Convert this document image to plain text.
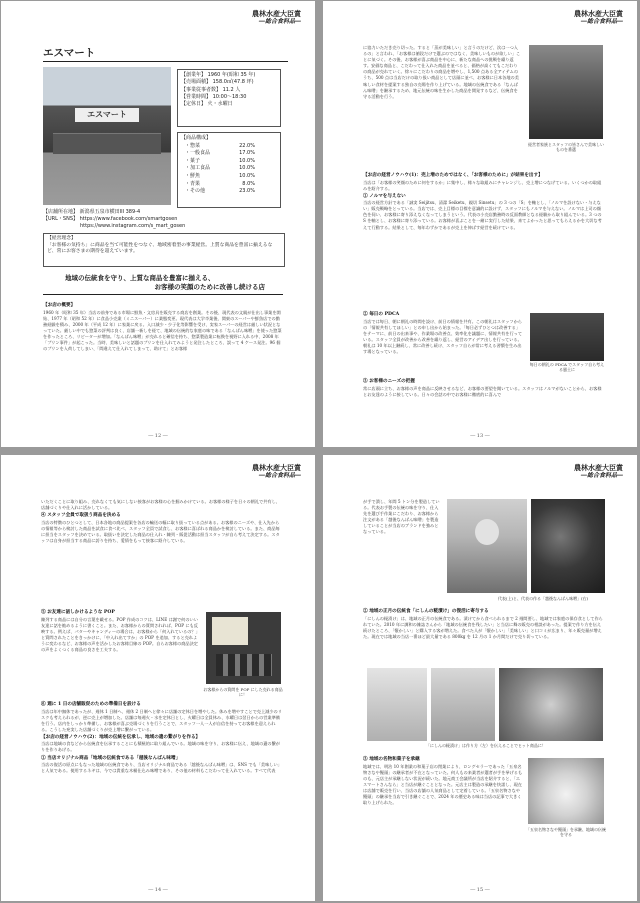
農林水産大臣賞
―総合食料品―
エスマート
エスマート
【創業年】 1960 年(昭和 35 年)
【売場面積】 158.0㎡(47.8 坪)
【事業従事者数】 11.2 人
【営業時間】 10:00～18:30
【定休日】 火・水曜日
【商品構成】
・惣菜	22.0%
・一般食品	17.0%
・菓子	10.0%
・加工食品	10.0%
・鮮魚	10.0%
・青果	8.0%
・その他	23.0%
【店舗所在地】 新潟県五泉市横田III 389-4
【URL・SNS】 https://www.facebook.com/smartgosen
https://www.instagram.com/s_mart_gosen
【経営理念】
「お客様の気持ち」に商品を当て可能性をつなぐ、地域密着型の事業経営。上質な商品を豊富に揃えるなど、常にお客さまの期待を超えています。
地域の伝統食を守り、上質な商品を豊富に揃える、
お客様の笑顔のために改善し続ける店

【お店の概要】

1960 年（昭和 35 年）当店の前身である市場に鮮魚・文房具を販売する商店を創業。その後、現代表の文親が仕出し事業を開始、1977 年（昭和 52 年）に食品小売業（ミニスーパー）に業態変更。現代表は大学卒業後、関東のスーパーや鮮魚店での勤務経験を積み、2000 年（平成 12 年）に家業に戻る。入口減少・少子化等影響を受け、実家スーパーの経営は厳しい状況となっていた。厳しい中でも惣菜の評判は良く、店舗一新しを経て、地域の伝統的な家庭の味である「なんばん味噌」を使った惣菜を作ったところ、リピーターが増加。「なんばん味噌」が売れると確信を持ち、惣菜製造業に転換を視野に入れる中、2008 年「プリン事件」が起こった。当時、美味しいと話題のプリンを仕入れてみようと発注したところ、誤って 4 ケース発注。96 個のプリンを入荷してしまい、「間違えて仕入れてしまって、助けて」とお客様

― 12 ―
農林水産大臣賞
―総合食料品―

に協力いただき売り切った。すると「蒸が美味しい」と言うのだけど、次は一つ入るの」と言われ、「お客様は値段だけで選ぶのではなく、美味しいものが欲しい」ことに気づく。その後、お客様が喜ぶ商品を中心に、新たな商品への挑戦を繰り返す。安価な商品と、こだわって仕入れた商品を並べると、価格が高くてもこだわりの商品が売れていく。徐々にこだわりの商品を増やし、1,500 点ある全アイテムのうち、500 点は当店だけの取り扱い商品として店頭に並べ、お客様に日本各地の美味しい食材を提案する独自の売場を作り上げている。地域の伝統食である「なんばん味噌」を継承するため、地元伝統の味を生かした商品を開発するなど、伝統食を守る活動を行う。

経営者家族とスタッフの皆さんで美味しいものを番選

【お店の経営ノウハウ(1)：売上増のためではなく、「お客様のために」が結果を出す】

当店は「お客様の笑顔のために何をするか」に集中し、様々な取組みにチャレンジし、売上増につなげている。いくつかの取組みを紹介する。

① ノルマを与えない

当店の経営方針である「誠実 Seijitsu、清潔 Seiketu、親切 Sinsetu」の 3 つの「S」を軸とし、「ノルマを設けない・与えない」販売戦略をとっている。当店では、売上目標の目標を意識的に設けず、スタッフにもノルマを与えない。ノルマは上司の顔色を伺い、お客様に寄り添えなくなってしまうという。代表の小売店勤務時の反面教師となる経験から取り組んでいる。3 つの S を軸とし、お客様に寄り添っている。お客様が喜ぶことを一緒に実行した結果、来てよかったと思ってもらえるかを大切な考えて行動する。結果として、毎年わずかであるが売上を伸ばす経営を続けている。

② 毎日の PDCA

当店では毎日、朝に朝礼の時間を設け、前日の情報を共有。この朝礼はスタッフからの「情報共有してほしい」との申し出から始まった。「毎日必ずひとつは改善する」をテーマに、前日の出来事や、作業場の改善点、効率化を議題に、情報共有を行っている。スタッフ全員が改善から改善を繰り返し、経営のアイデア出しを行っている。朝礼は 10 年以上継続し、常に改善し続け、スタッフ自らが常に考える習慣を生み出す場となっている。

毎日の朝礼の PDCA でスタッフ自ら考える風土に

③ お客様のニーズの把握

常に店頭に立ち、お客様の声を商品に反映させるなど、お客様の要望を聞いている。スタッフはノルマがないことから、お客様とお友達のように接している。日々の会話の中でお客様に徹底的に喜んで

― 13 ―
農林水産大臣賞
―総合食料品―

いただくことに取り組み、売れなくても気にしない接客がお客様の心を掴みかけている。お客様の様子を日々の朝礼で共有し、店舗づくりや仕入れに活かしている。

④ スタッフ全員で取扱う商品を決める

当店の特徴のひとつとして、日本各地の商品提案を各店の輸送の幅に取り扱っている点がある。お客様のニーズや、仕入先からの情報等から検討した商品を試食に食べ比べ、スタッフ全員で試食し、お客様に喜ばれる商品かを検討している。また、商品毎に担当をスタッフを決めている。取扱いを決定した商品の仕入れ・陳列・販促活動は担当スタッフが自ら考えて決定する。スタッフは自身が担当する商品に誇りを持ち、愛情をもって接客に紹介している。

⑤ お友達に話しかけるような POP

陳列する商品には自分の言葉を載せる。POP 作成のコツは、LINE は謝で何のいい友達に話を勧めるように書くこと。また、お客様からの質問されれば、POP にも反映する。例えば、パターやキャンディーの場合は、お客様から「何入れているの？」と質問されたことをきっかけに、「中入れ出てすか」の POP を追加、すると売れように変わるなど、お客様の声を活かしたお客様目線の POP。自らお客様の商品決定の声をよくつくる商品の良さを工夫する。

お客様からの質問を POP にした売れる商品に！

⑥ 週に 1 日の店舗販促のための準備日を設ける

当店は年中無休であったが、週休 1 日制へ、週休 2 日制へと徐々に店舗の定休日を増やした。休みを増やすことで売上減少のリスクも考えられるが、逆に売上が増加した。店舗は毎週火・水を定休日とし、火曜日は全員休み、水曜日は翌日からの営業準備を行う。店内をしっかり準備し、お客様が喜ぶ売場づくりを行うことで、スタッフ一人一人が自信を持ってお客様を迎えられる。こうした充実した店舗づくりが売上増に繋がっている。

【お店の経営ノウハウ(2)：地域の伝統を伝承し、地域の遺の繋がりを作る】

当店は地域の食などから伝統食を伝承することにも積極的に取り組んでいる。地域の味を守り、お客様に伝え、地域の遺の繋がりを作りあげる。

① 当店オリジナル商品「地域の伝統食である「越後なんばん味噌」

当店の復活の原点にもなった地域の伝統食であり、当店オリジナル商品である「越後なんばん味噌」は、SNS でも「美味しい」と人気である。使用するネギは、今では貴重な木桶仕込み味噌であり、その他の材料もこだわって仕入れている。すべて代表

― 14 ―
農林水産大臣賞
―総合食料品―

が手で潰し、年間 5 トン分を製造している。代表お手製の伝統の味を守り、仕入先を選び手作業にこだわり、お客様から注文がある「越後なんばん味噌」を製造していることが当店のブランドを強みとなっている。

代表(上)と、代表の作る「越後なんばん味噌」(右)

② 地域の正月の伝統食「にしんの糀漬け」の復活に寄与する

「にしんの糀漬け」は、地域の正月の伝統食である。漬けてから食べられるまで 2 週間要し、地域では家庭の保存食として作られていた。2010 年に調和の雑誌さんから「地域の伝統食を残したい」と当店に舞の販売の相談があった。提案で作り方を伝え続けたところ、「懐かしい」と購入する客が増えた。食べた人が「懐かしい」「美味しい」と口コミが広まり、年々販売量が増えた。現在では地域の当店一番ほど最大量である 800kg を 12 月の 1 か月間だけで売り切っている。

「にしんの糀漬け」は作り方（左）を伝えることでヒット商品に！

③ 地域の名物和菓子を承継

地域では、明治 10 年創業の和菓子店の閉業により、ロングセラーであった「五泉名物さなや饅頭」の継承者が不在となっていた。何人もの来業者が選者が手を挙げるものも、元店主が承継しない状況が続いた。地元商工会議所が当店を紹介すると、「エスマートさんなら」と当店が継ぐこととなった。元店主は製造の承継を快諾し、現在は店舗で販売を行い、当店の店舗の人気商品として定着している。「五泉名物さなや饅頭」の継承を当店で引き継ぐことで、2024 年の歴史ある味は当店の記事で大きく取り上げられた。

「五泉名物さなや饅頭」を承継、地域の伝統を守る
― 15 ―
